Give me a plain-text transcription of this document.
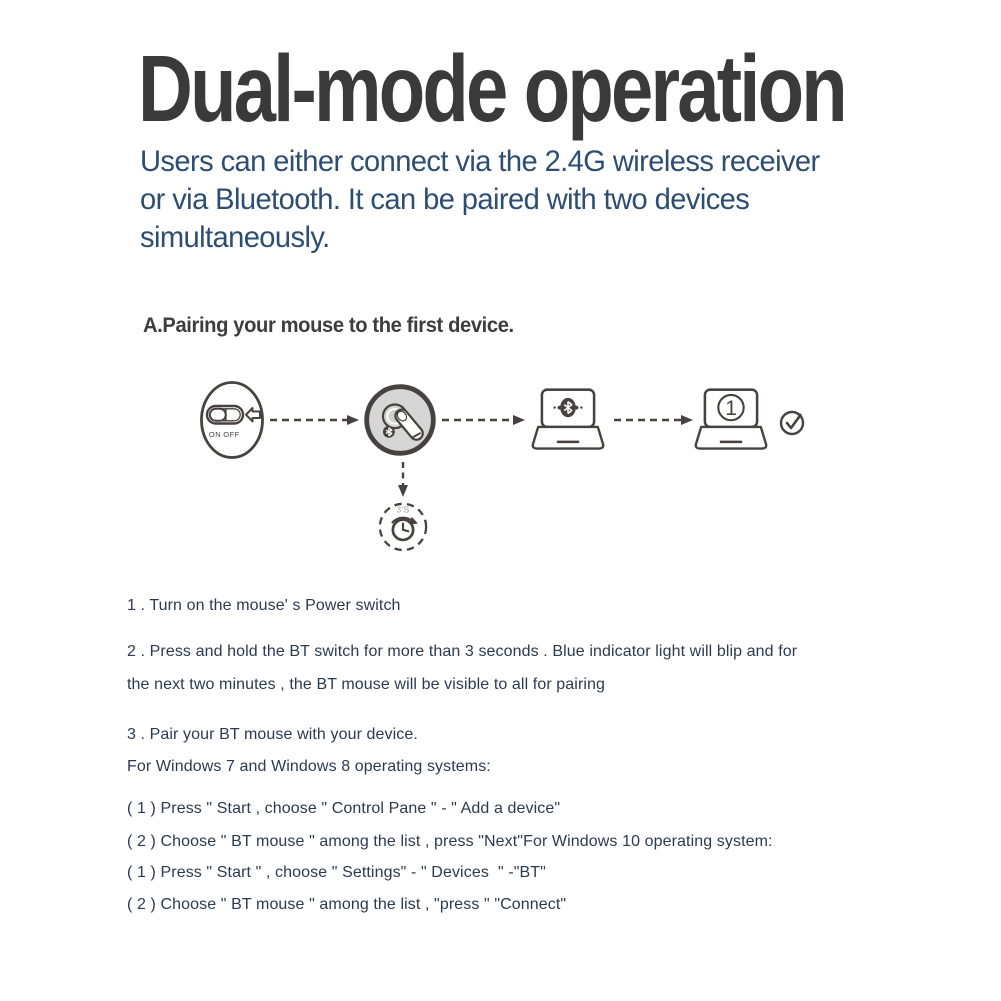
Dual-mode operation
Users can either connect via the 2.4G wireless receiver
or via Bluetooth. It can be paired with two devices
simultaneously.
A.Pairing your mouse to the first device.
ON OFF
1
3'S
1 . Turn on the mouse' s Power switch
2 . Press and hold the BT switch for more than 3 seconds . Blue indicator light will blip and for
the next two minutes , the BT mouse will be visible to all for pairing
3 . Pair your BT mouse with your device.
For Windows 7 and Windows 8 operating systems:
( 1 ) Press " Start , choose " Control Pane " - " Add a device"
( 2 ) Choose " BT mouse " among the list , press "Next"For Windows 10 operating system:
( 1 ) Press " Start " , choose " Settings" - " Devices  " -"BT"
( 2 ) Choose " BT mouse " among the list , "press " "Connect"
